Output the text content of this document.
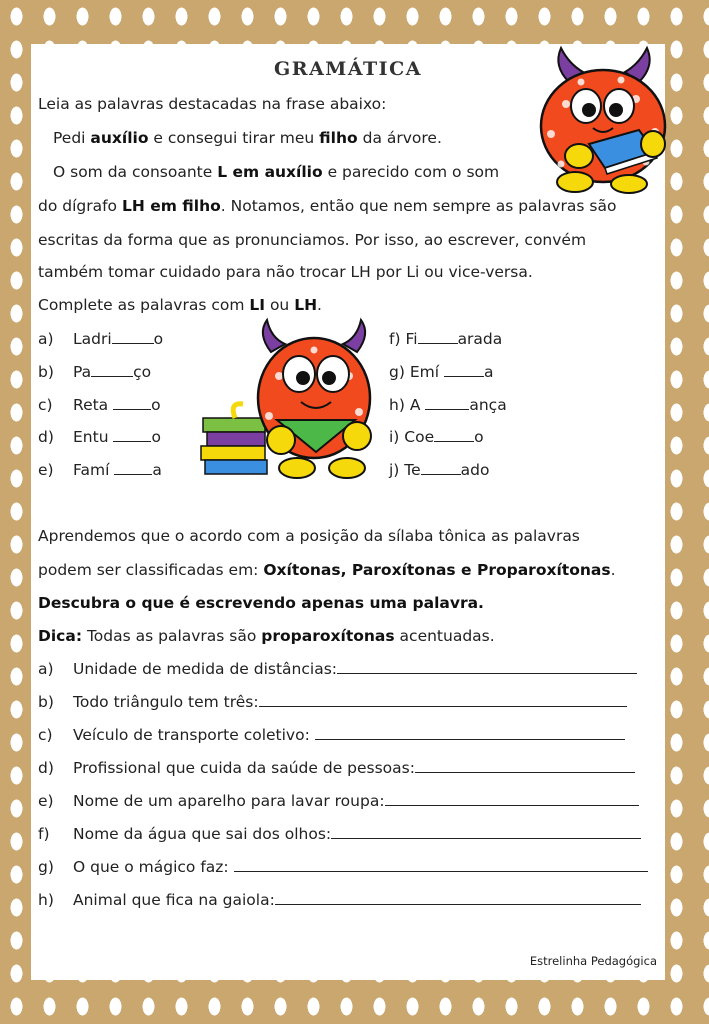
GRAMÁTICA
Leia as palavras destacadas na frase abaixo:
Pedi auxílio e consegui tirar meu filho da árvore.
O som da consoante L em auxílio e parecido com o som
do dígrafo LH em filho. Notamos, então que nem sempre as palavras são
escritas da forma que as pronunciamos. Por isso, ao escrever, convém
também tomar cuidado para não trocar LH por Li ou vice-versa.
Complete as palavras com LI ou LH.
a) Ladri	o
b) Pa	ço
c) Reta o
d) Entu o
e) Famí a
f) Fi	arada
g) Emí	a
h) A	ança
i) Coe	o
j) Te	ado
Aprendemos que o acordo com a posição da sílaba tônica as palavras
podem ser classificadas em: Oxítonas, Paroxítonas e Proparoxítonas.
Descubra o que é escrevendo apenas uma palavra.
Dica: Todas as palavras são proparoxítonas acentuadas.
a) Unidade de medida de distâncias:
b) Todo triângulo tem três:
c) Veículo de transporte coletivo:
d) Profissional que cuida da saúde de pessoas:
e) Nome de um aparelho para lavar roupa:
f) Nome da água que sai dos olhos:
g) O que o mágico faz:
h) Animal que fica na gaiola:
Estrelinha Pedagógica
